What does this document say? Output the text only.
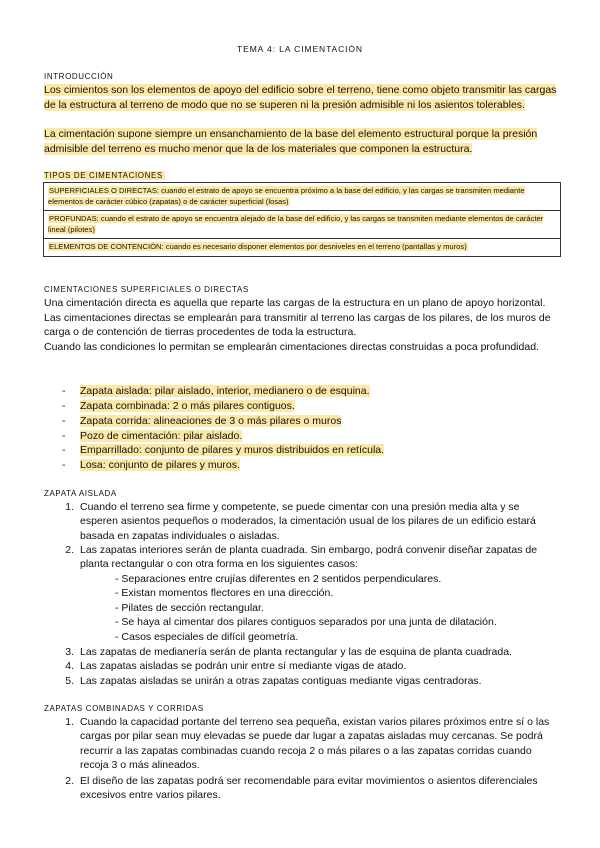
TEMA 4: LA CIMENTACIÓN
INTRODUCCIÓN
Los cimientos son los elementos de apoyo del edificio sobre el terreno, tiene como objeto transmitir las cargas de la estructura al terreno de modo que no se superen ni la presión admisible ni los asientos tolerables.
La cimentación supone siempre un ensanchamiento de la base del elemento estructural porque la presión admisible del terreno es mucho menor que la de los materiales que componen la estructura.
TIPOS DE CIMENTACIONES
SUPERFICIALES O DIRECTAS: cuando el estrato de apoyo se encuentra próximo a la base del edificio, y las cargas se transmiten mediante elementos de carácter cúbico (zapatas) o de carácter superficial (losas)
PROFUNDAS: cuando el estrato de apoyo se encuentra alejado de la base del edificio, y las cargas se transmiten mediante elementos de carácter lineal (pilotes)
ELEMENTOS DE CONTENCIÓN: cuando es necesario disponer elementos por desniveles en el terreno (pantallas y muros)
CIMENTACIONES SUPERFICIALES O DIRECTAS
Una cimentación directa es aquella que reparte las cargas de la estructura en un plano de apoyo horizontal. Las cimentaciones directas se emplearán para transmitir al terreno las cargas de los pilares, de los muros de carga o de contención de tierras procedentes de toda la estructura.
Cuando las condiciones lo permitan se emplearán cimentaciones directas construidas a poca profundidad.
- Zapata aislada: pilar aislado, interior, medianero o de esquina.
- Zapata combinada: 2 o más pilares contiguos.
- Zapata corrida: alineaciones de 3 o más pilares o muros
- Pozo de cimentación: pilar aislado.
- Emparrillado: conjunto de pilares y muros distribuidos en retícula.
- Losa: conjunto de pilares y muros.
ZAPATA AISLADA
1. Cuando el terreno sea firme y competente, se puede cimentar con una presión media alta y se esperen asientos pequeños o moderados, la cimentación usual de los pilares de un edificio estará basada en zapatas individuales o aisladas.
2. Las zapatas interiores serán de planta cuadrada. Sin embargo, podrá convenir diseñar zapatas de planta rectangular o con otra forma en los siguientes casos:
- Separaciones entre crujías diferentes en 2 sentidos perpendiculares.
- Existan momentos flectores en una dirección.
- Pilates de sección rectangular.
- Se haya al cimentar dos pilares contiguos separados por una junta de dilatación.
- Casos especiales de difícil geometría.
3. Las zapatas de medianería serán de planta rectangular y las de esquina de planta cuadrada.
4. Las zapatas aisladas se podrán unir entre sí mediante vigas de atado.
5. Las zapatas aisladas se unirán a otras zapatas contiguas mediante vigas centradoras.
ZAPATAS COMBINADAS Y CORRIDAS
1. Cuando la capacidad portante del terreno sea pequeña, existan varios pilares próximos entre sí o las cargas por pilar sean muy elevadas se puede dar lugar a zapatas aisladas muy cercanas. Se podrá recurrir a las zapatas combinadas cuando recoja 2 o más pilares o a las zapatas corridas cuando recoja 3 o más alineados.
2. El diseño de las zapatas podrá ser recomendable para evitar movimientos o asientos diferenciales excesivos entre varios pilares.
